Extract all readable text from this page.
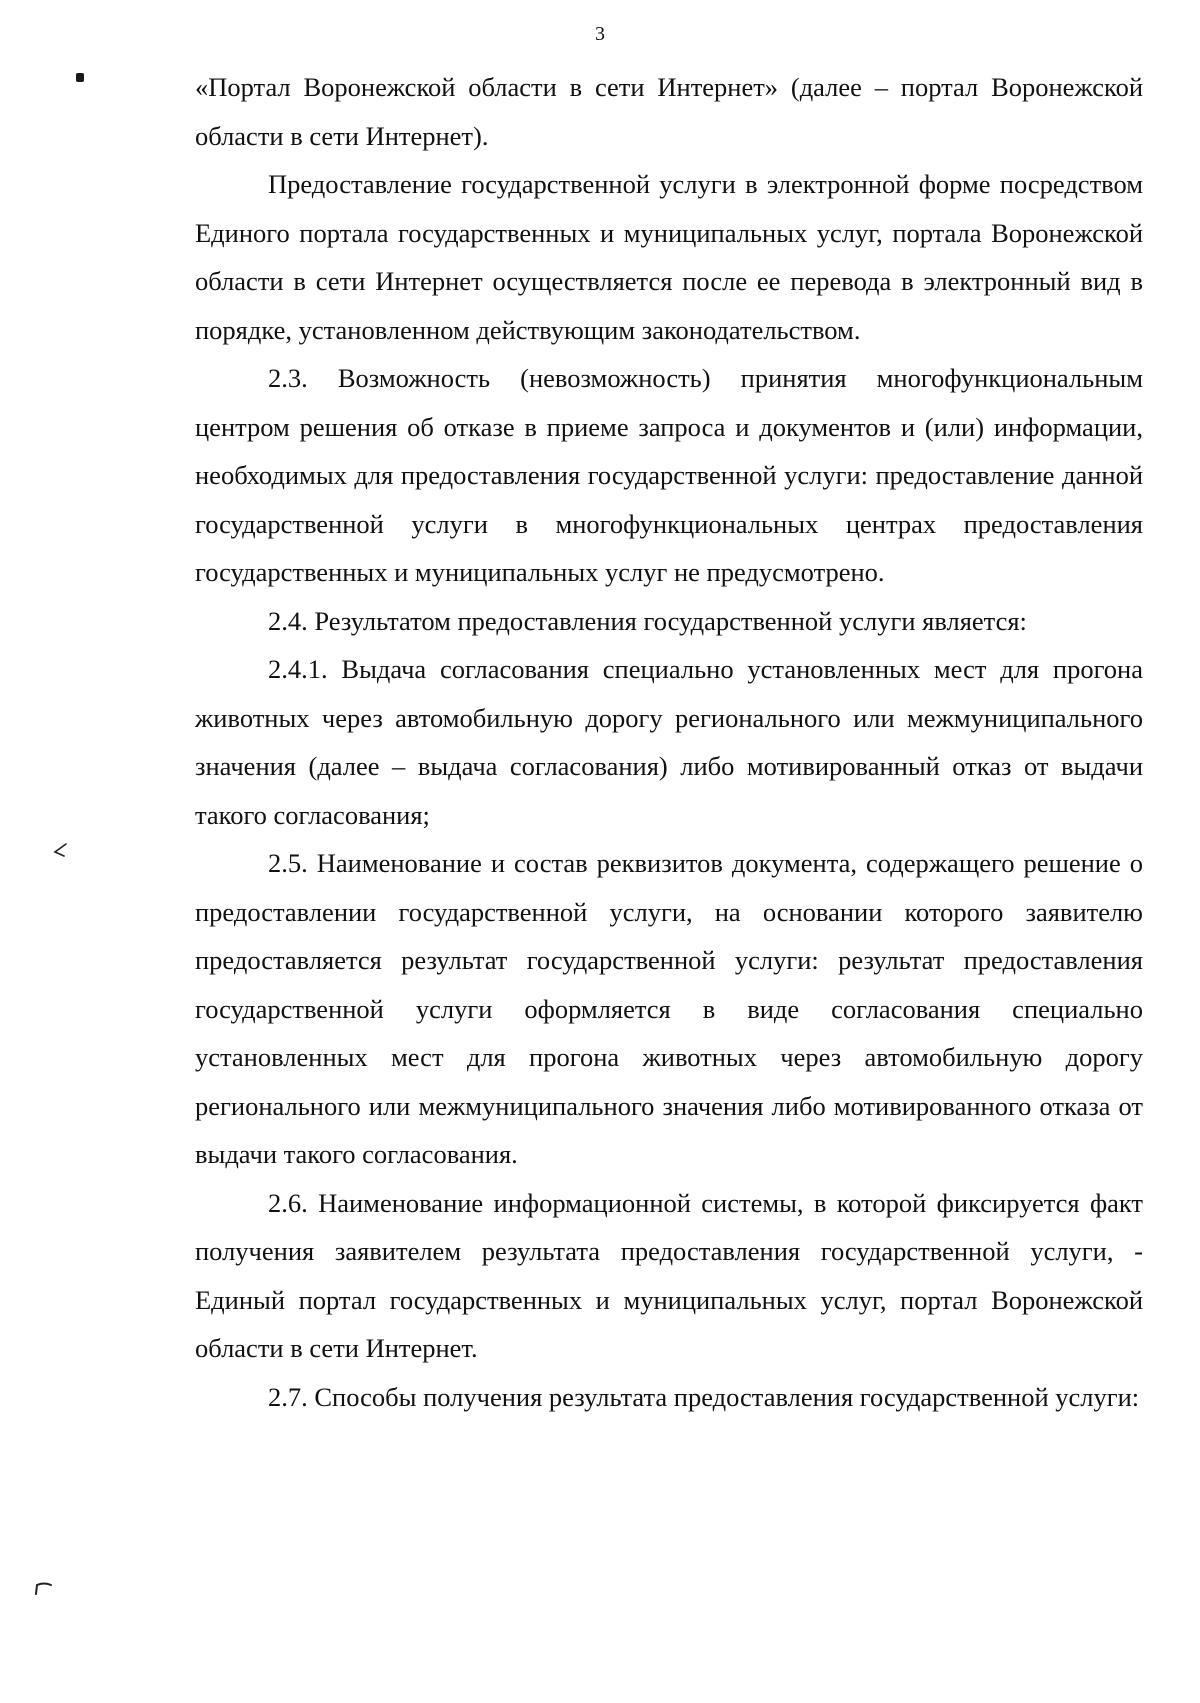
3

«Портал Воронежской области в сети Интернет» (далее – портал Воронежской области в сети Интернет).

Предоставление государственной услуги в электронной форме посредством Единого портала государственных и муниципальных услуг, портала Воронежской области в сети Интернет осуществляется после ее перевода в электронный вид в порядке, установленном действующим законодательством.

2.3. Возможность (невозможность) принятия многофункциональным центром решения об отказе в приеме запроса и документов и (или) информации, необходимых для предоставления государственной услуги: предоставление данной государственной услуги в многофункциональных центрах предоставления государственных и муниципальных услуг не предусмотрено.

2.4. Результатом предоставления государственной услуги является:

2.4.1. Выдача согласования специально установленных мест для прогона животных через автомобильную дорогу регионального или межмуниципального значения (далее – выдача согласования) либо мотивированный отказ от выдачи такого согласования;

2.5. Наименование и состав реквизитов документа, содержащего решение о предоставлении государственной услуги, на основании которого заявителю предоставляется результат государственной услуги: результат предоставления государственной услуги оформляется в виде согласования специально установленных мест для прогона животных через автомобильную дорогу регионального или межмуниципального значения либо мотивированного отказа от выдачи такого согласования.

2.6. Наименование информационной системы, в которой фиксируется факт получения заявителем результата предоставления государственной услуги, - Единый портал государственных и муниципальных услуг, портал Воронежской области в сети Интернет.

2.7. Способы получения результата предоставления государственной услуги:
